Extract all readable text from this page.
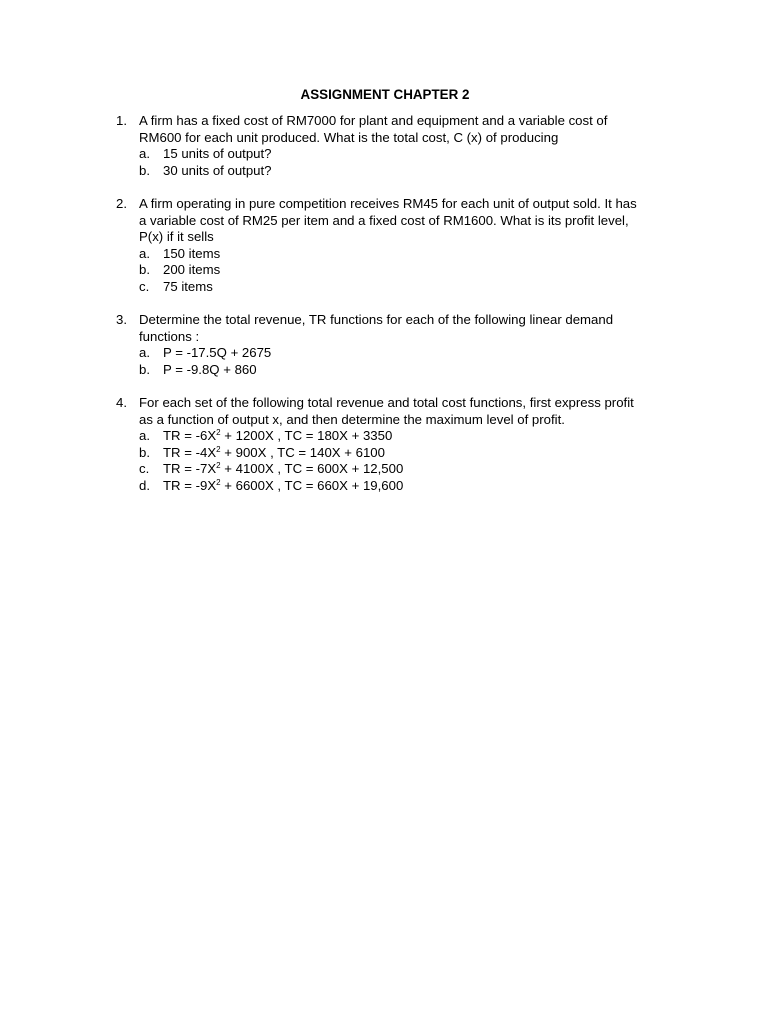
ASSIGNMENT CHAPTER 2
1. A firm has a fixed cost of RM7000 for plant and equipment and a variable cost of
RM600 for each unit produced. What is the total cost, C (x) of producing
a. 15 units of output?
b. 30 units of output?
2. A firm operating in pure competition receives RM45 for each unit of output sold. It has
a variable cost of RM25 per item and a fixed cost of RM1600. What is its profit level,
P(x) if it sells
a. 150 items
b. 200 items
c. 75 items
3. Determine the total revenue, TR functions for each of the following linear demand
functions :
a. P = -17.5Q + 2675
b. P = -9.8Q + 860
4. For each set of the following total revenue and total cost functions, first express profit
as a function of output x, and then determine the maximum level of profit.
a. TR = $-6X^2 + 1200X$ , TC = 180X + 3350
b. TR = $-4X^2 + 900X$ , TC = 140X + 6100
c. TR = $-7X^2 + 4100X$ , TC = 600X + 12,500
d. TR = $-9X^2 + 6600X$ , TC = 660X + 19,600
